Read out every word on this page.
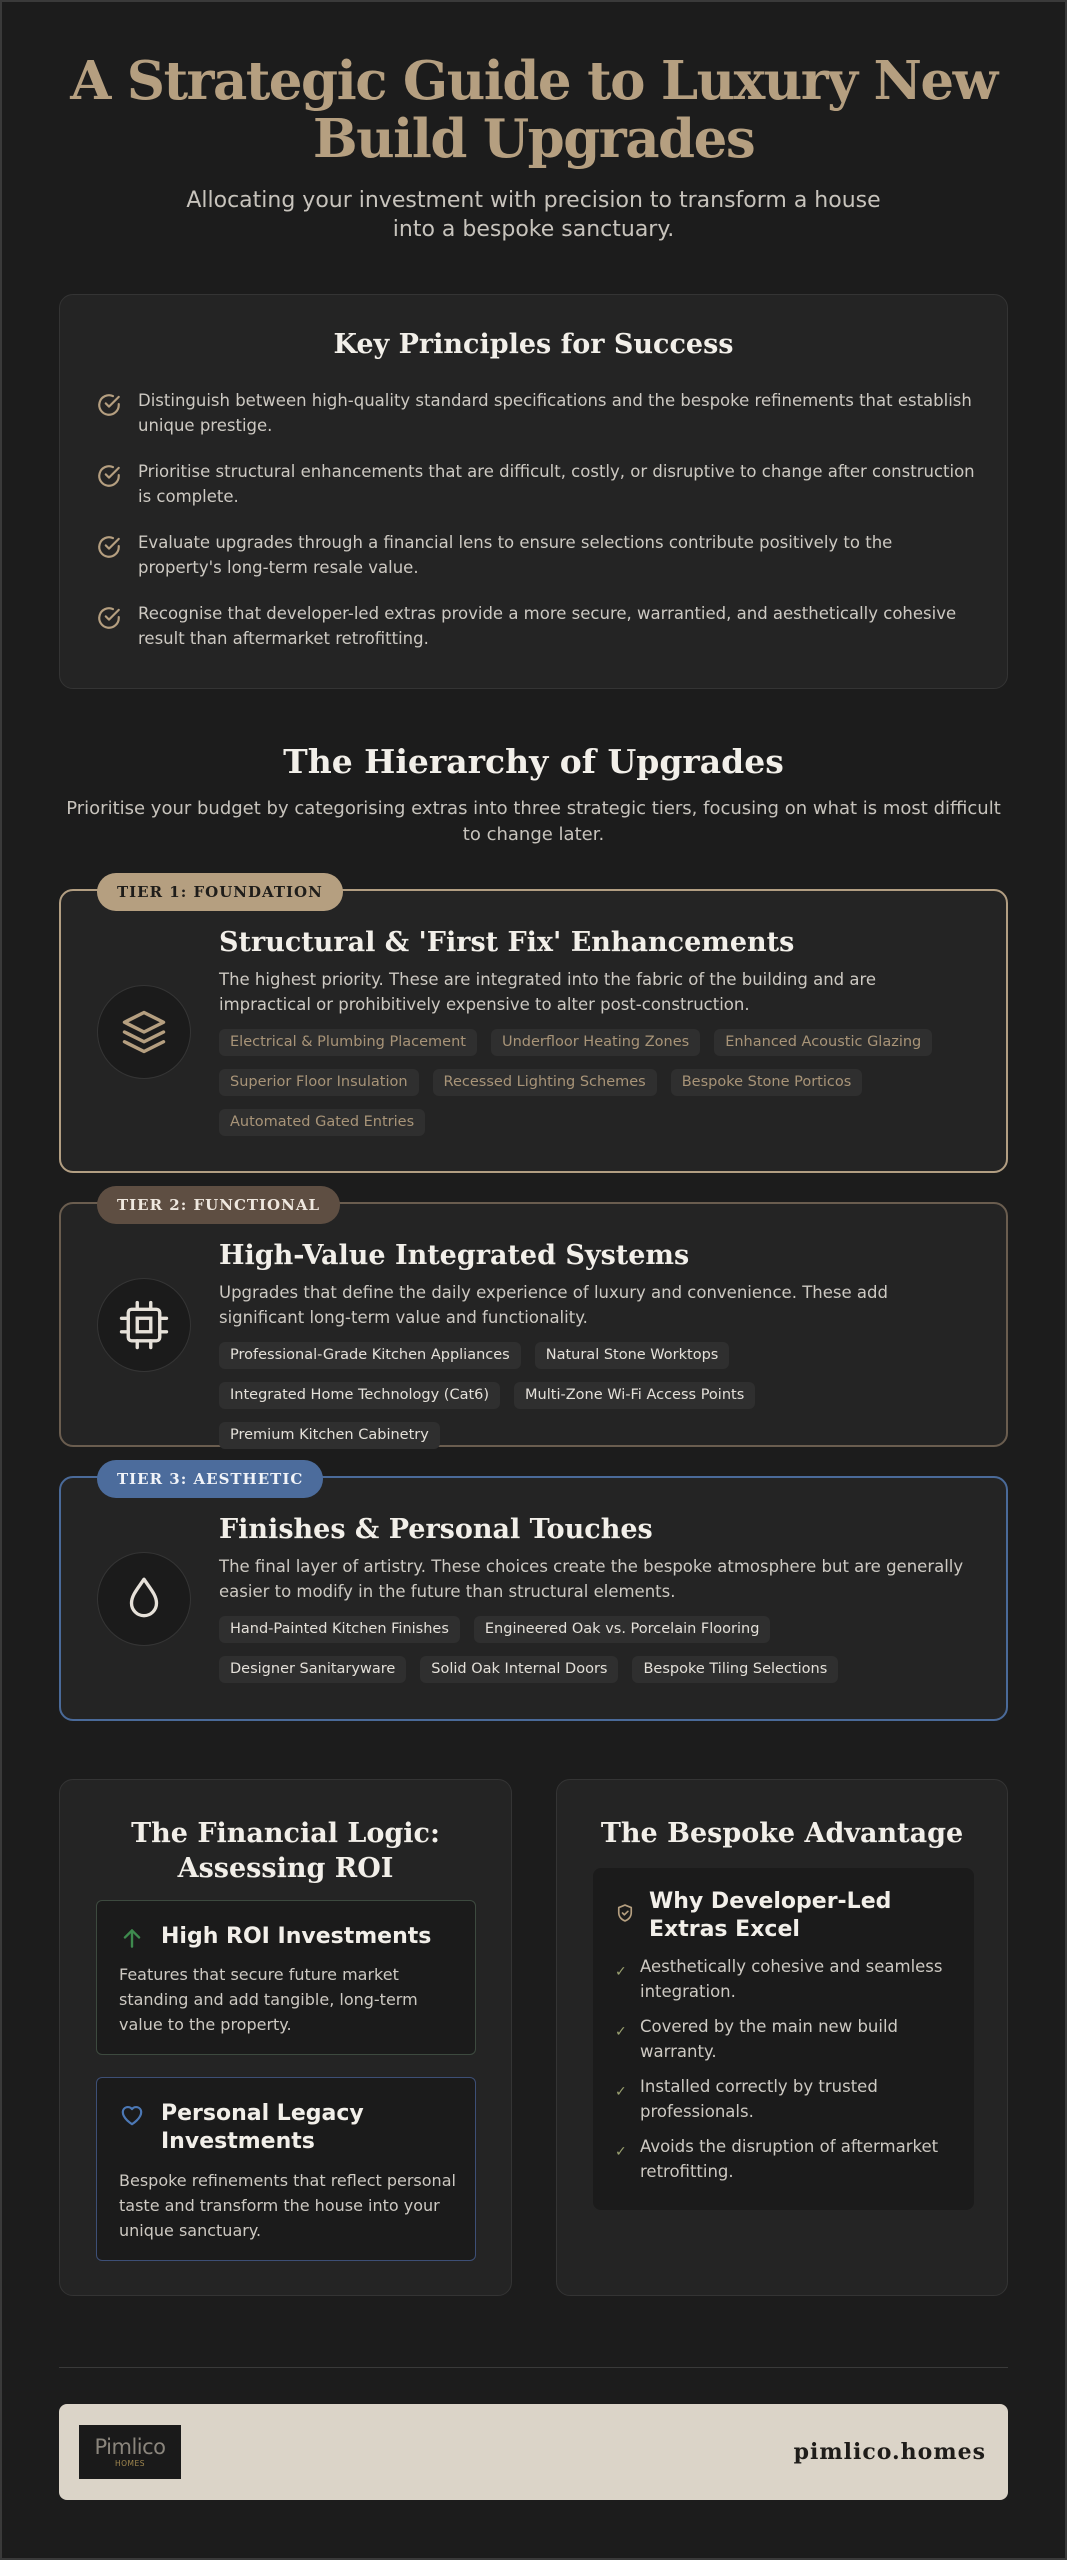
A Strategic Guide to Luxury New Build Upgrades

Allocating your investment with precision to transform a house into a bespoke sanctuary.

Key Principles for Success
Distinguish between high-quality standard specifications and the bespoke refinements that establish unique prestige.
Prioritise structural enhancements that are difficult, costly, or disruptive to change after construction is complete.
Evaluate upgrades through a financial lens to ensure selections contribute positively to the property's long-term resale value.
Recognise that developer-led extras provide a more secure, warrantied, and aesthetically cohesive result than aftermarket retrofitting.
The Hierarchy of Upgrades

Prioritise your budget by categorising extras into three strategic tiers, focusing on what is most difficult to change later.

TIER 1: FOUNDATION
Structural & 'First Fix' Enhancements

The highest priority. These are integrated into the fabric of the building and are impractical or prohibitively expensive to alter post-construction.

Electrical & Plumbing Placement	Underfloor Heating Zones	Enhanced Acoustic Glazing
Superior Floor Insulation	Recessed Lighting Schemes	Bespoke Stone Porticos
Automated Gated Entries
TIER 2: FUNCTIONAL
High-Value Integrated Systems

Upgrades that define the daily experience of luxury and convenience. These add significant long-term value and functionality.

Professional-Grade Kitchen Appliances	Natural Stone Worktops
Integrated Home Technology (Cat6)	Multi-Zone Wi-Fi Access Points
Premium Kitchen Cabinetry
TIER 3: AESTHETIC
Finishes & Personal Touches

The final layer of artistry. These choices create the bespoke atmosphere but are generally easier to modify in the future than structural elements.

Hand-Painted Kitchen Finishes	Engineered Oak vs. Porcelain Flooring
Designer Sanitaryware	Solid Oak Internal Doors	Bespoke Tiling Selections
The Financial Logic: Assessing ROI
High ROI Investments

Features that secure future market standing and add tangible, long-term value to the property.

Personal Legacy Investments

Bespoke refinements that reflect personal taste and transform the house into your unique sanctuary.

The Bespoke Advantage
Why Developer-Led Extras Excel
✓ Aesthetically cohesive and seamless integration.
✓ Covered by the main new build warranty.
✓ Installed correctly by trusted professionals.
✓ Avoids the disruption of aftermarket retrofitting.
Pimlico
HOMES	pimlico.homes
